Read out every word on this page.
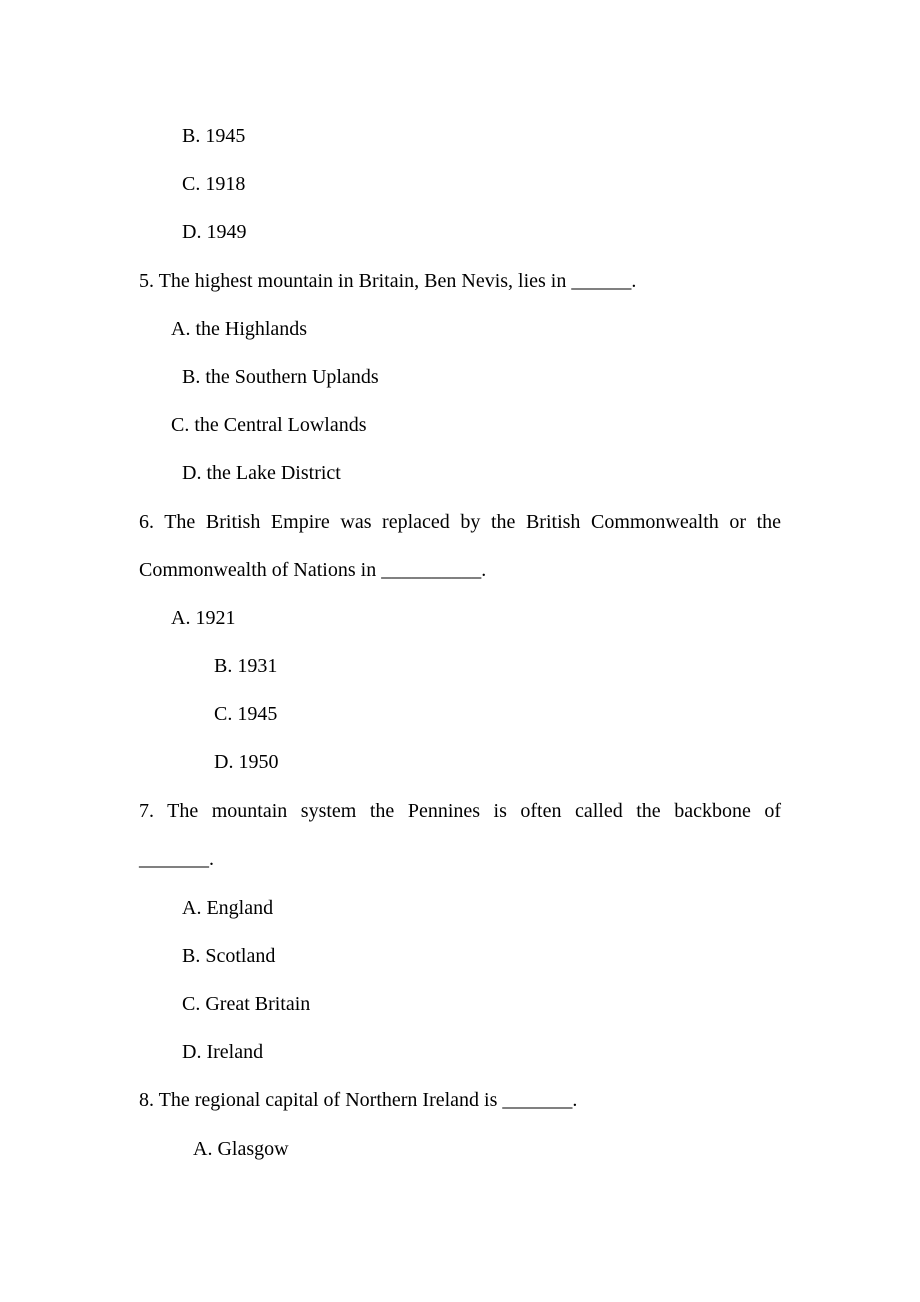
B. 1945
C. 1918
D. 1949
5. The highest mountain in Britain, Ben Nevis, lies in ______.
A. the Highlands
B. the Southern Uplands
C. the Central Lowlands
D. the Lake District
6. The British Empire was replaced by the British Commonwealth or the
Commonwealth of Nations in __________.
A. 1921
B. 1931
C. 1945
D. 1950
7. The mountain system the Pennines is often called the backbone of
_______.
A. England
B. Scotland
C. Great Britain
D. Ireland
8. The regional capital of Northern Ireland is _______.
A. Glasgow
